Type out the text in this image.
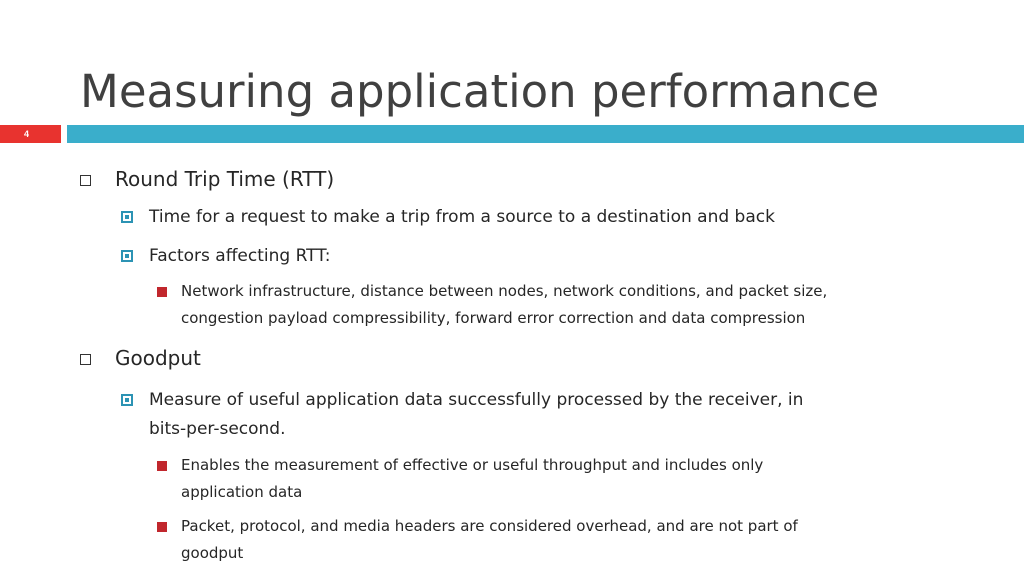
Measuring application performance
4
Round Trip Time (RTT)
Time for a request to make a trip from a source to a destination and back
Factors affecting RTT:
Network infrastructure, distance between nodes, network conditions, and packet size,
congestion payload compressibility, forward error correction and data compression
Goodput
Measure of useful application data successfully processed by the receiver, in
bits-per-second.
Enables the measurement of effective or useful throughput and includes only
application data
Packet, protocol, and media headers are considered overhead, and are not part of
goodput
